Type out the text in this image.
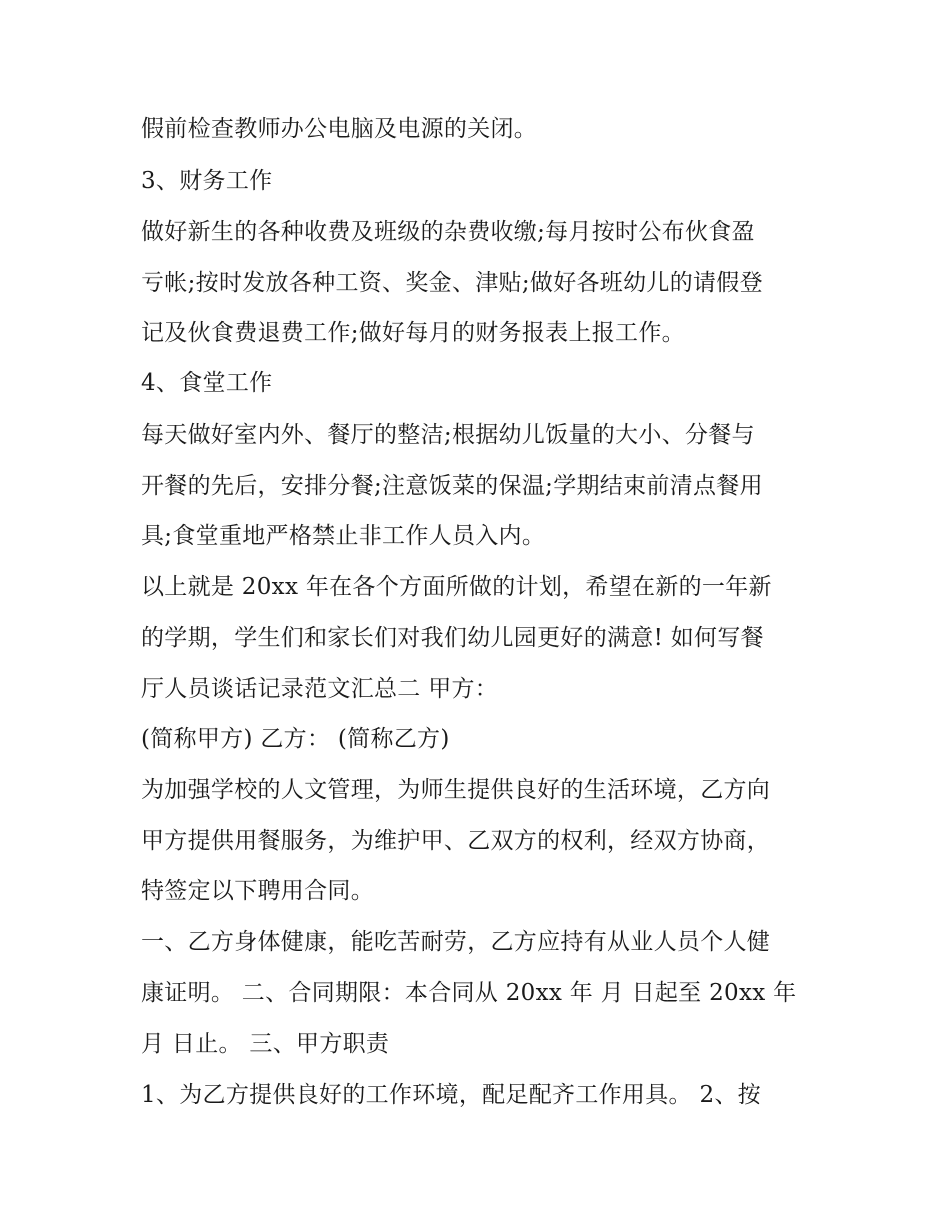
假前检查教师办公电脑及电源的关闭。
3、财务工作
做好新生的各种收费及班级的杂费收缴;每月按时公布伙食盈
亏帐;按时发放各种工资、奖金、津贴;做好各班幼儿的请假登
记及伙食费退费工作;做好每月的财务报表上报工作。
4、食堂工作
每天做好室内外、餐厅的整洁;根据幼儿饭量的大小、分餐与
开餐的先后，安排分餐;注意饭菜的保温;学期结束前清点餐用
具;食堂重地严格禁止非工作人员入内。
以上就是 20xx 年在各个方面所做的计划，希望在新的一年新
的学期，学生们和家长们对我们幼儿园更好的满意! 如何写餐
厅人员谈话记录范文汇总二 甲方：
(简称甲方) 乙方： (简称乙方)
为加强学校的人文管理，为师生提供良好的生活环境，乙方向
甲方提供用餐服务，为维护甲、乙双方的权利，经双方协商，
特签定以下聘用合同。
一、乙方身体健康，能吃苦耐劳，乙方应持有从业人员个人健
康证明。 二、合同期限：本合同从 20xx 年 月 日起至 20xx 年
月 日止。 三、甲方职责
1、为乙方提供良好的工作环境，配足配齐工作用具。 2、按
